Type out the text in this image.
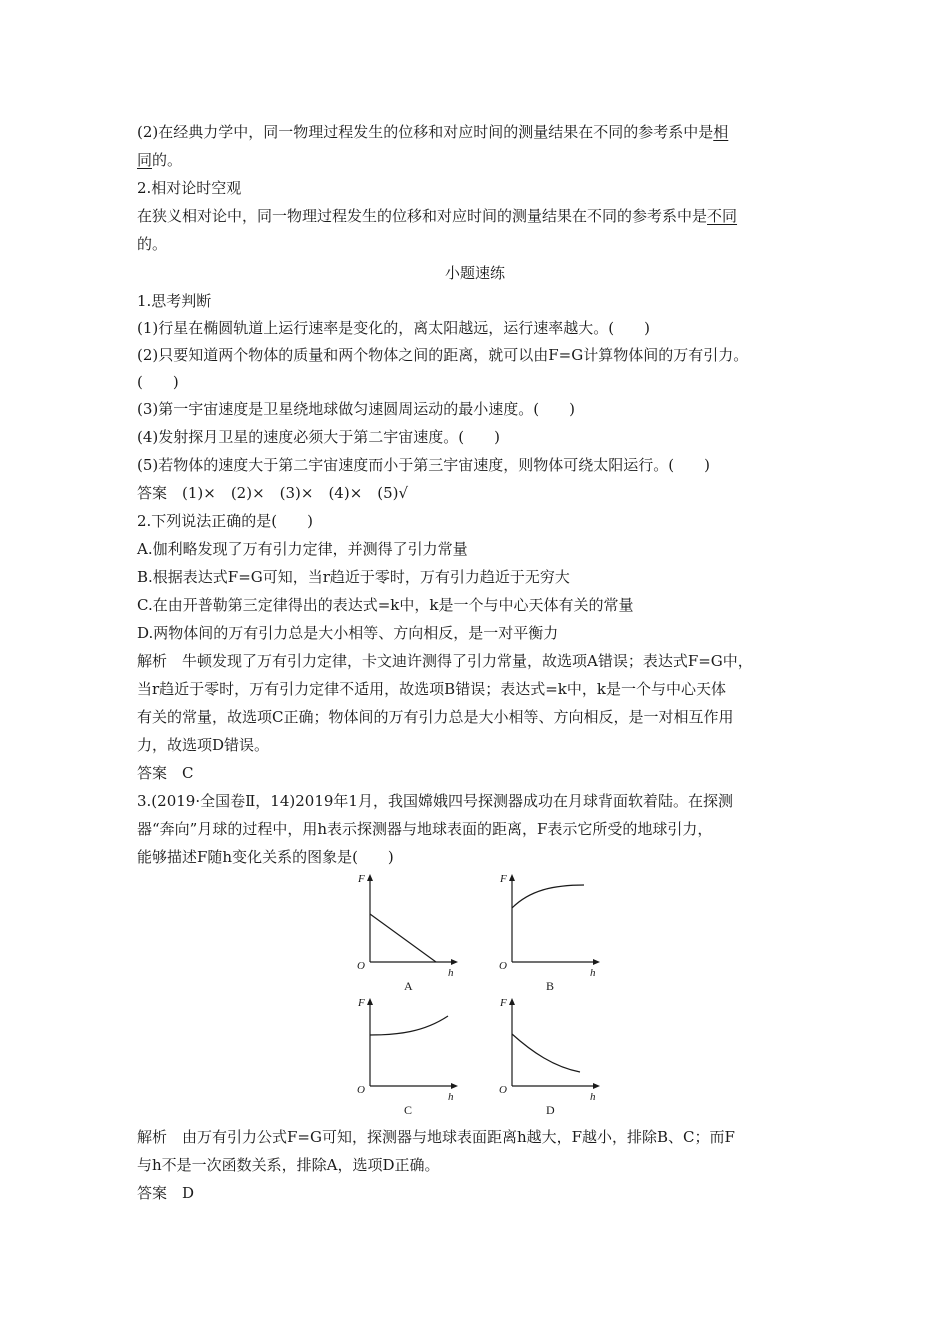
(2)在经典力学中，同一物理过程发生的位移和对应时间的测量结果在不同的参考系中是相
同的。
2.相对论时空观
在狭义相对论中，同一物理过程发生的位移和对应时间的测量结果在不同的参考系中是不同
的。
小题速练
1.思考判断
(1)行星在椭圆轨道上运行速率是变化的，离太阳越远，运行速率越大。(　　)
(2)只要知道两个物体的质量和两个物体之间的距离，就可以由F=G计算物体间的万有引力。
(　　)
(3)第一宇宙速度是卫星绕地球做匀速圆周运动的最小速度。(　　)
(4)发射探月卫星的速度必须大于第二宇宙速度。(　　)
(5)若物体的速度大于第二宇宙速度而小于第三宇宙速度，则物体可绕太阳运行。(　　)
答案　(1)×　(2)×　(3)×　(4)×　(5)√
2.下列说法正确的是(　　)
A.伽利略发现了万有引力定律，并测得了引力常量
B.根据表达式F=G可知，当r趋近于零时，万有引力趋近于无穷大
C.在由开普勒第三定律得出的表达式=k中，k是一个与中心天体有关的常量
D.两物体间的万有引力总是大小相等、方向相反，是一对平衡力
解析　牛顿发现了万有引力定律，卡文迪许测得了引力常量，故选项A错误；表达式F=G中，
当r趋近于零时，万有引力定律不适用，故选项B错误；表达式=k中，k是一个与中心天体
有关的常量，故选项C正确；物体间的万有引力总是大小相等、方向相反，是一对相互作用
力，故选项D错误。
答案　C
3.(2019·全国卷Ⅱ，14)2019年1月，我国嫦娥四号探测器成功在月球背面软着陆。在探测
器“奔向”月球的过程中，用h表示探测器与地球表面的距离，F表示它所受的地球引力，
能够描述F随h变化关系的图象是(　　)
F
h
O
A
F
h
O
B
F
h
O
C
F
h
O
D
解析　由万有引力公式F=G可知，探测器与地球表面距离h越大，F越小，排除B、C；而F
与h不是一次函数关系，排除A，选项D正确。
答案　D
